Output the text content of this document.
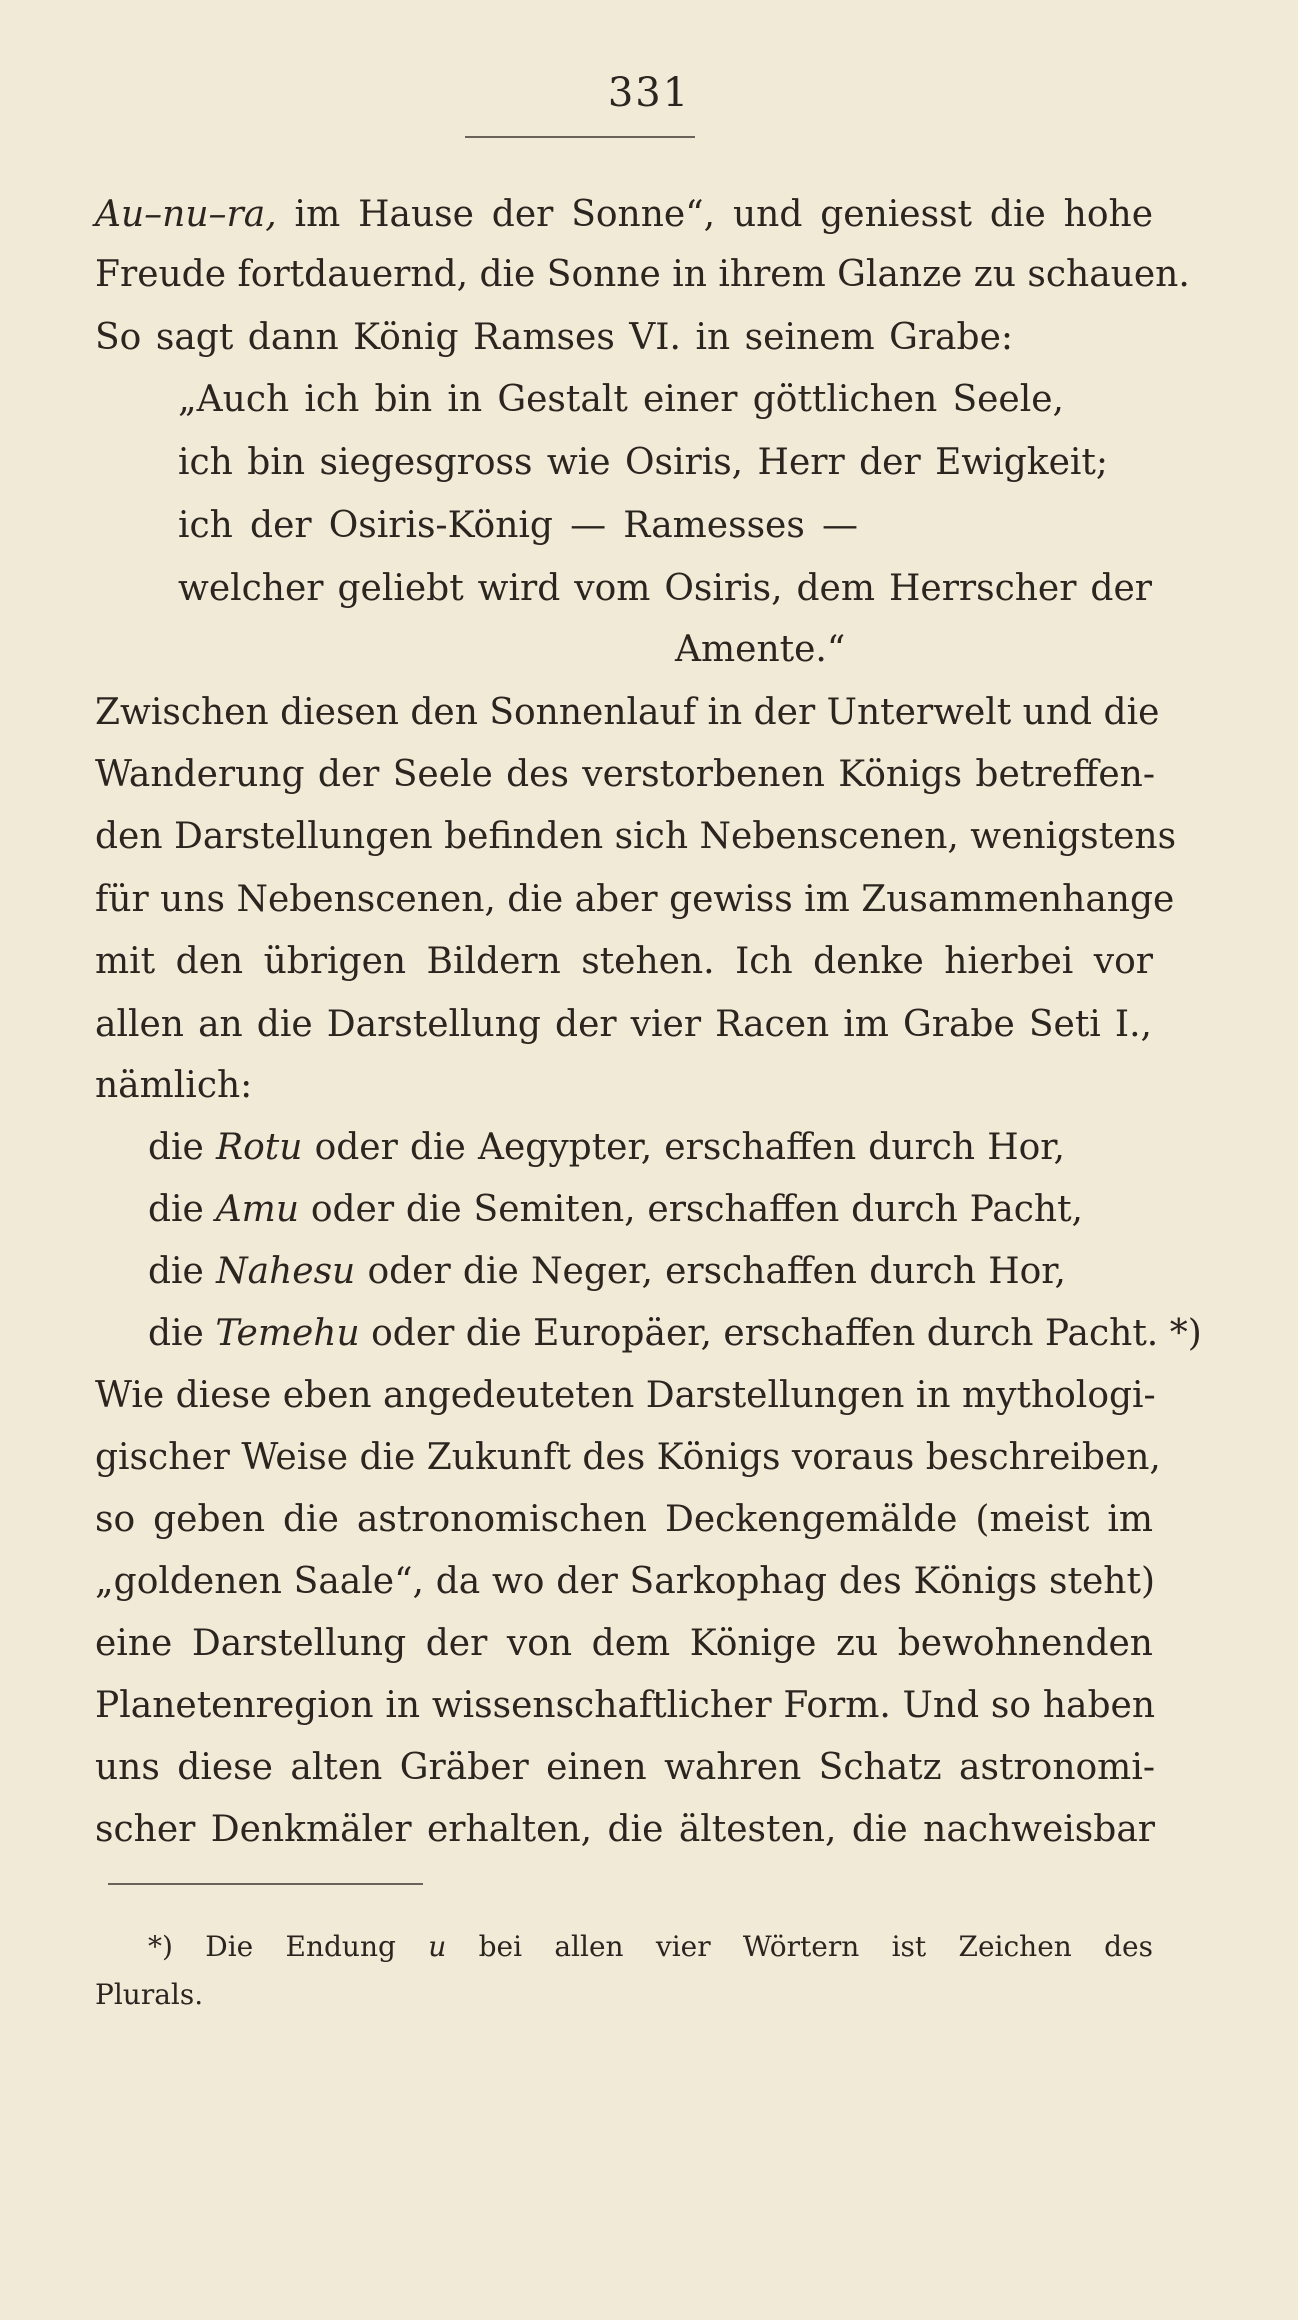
331
Au–nu–ra, im Hause der Sonne“, und geniesst die hohe
Freude fortdauernd, die Sonne in ihrem Glanze zu schauen.
So sagt dann König Ramses VI. in seinem Grabe:
„Auch ich bin in Gestalt einer göttlichen Seele,
ich bin siegesgross wie Osiris, Herr der Ewigkeit;
ich der Osiris-König — Ramesses —
welcher geliebt wird vom Osiris, dem Herrscher der
Amente.“
Zwischen diesen den Sonnenlauf in der Unterwelt und die
Wanderung der Seele des verstorbenen Königs betreffen-
den Darstellungen befinden sich Nebenscenen, wenigstens
für uns Nebenscenen, die aber gewiss im Zusammenhange
mit den übrigen Bildern stehen. Ich denke hierbei vor
allen an die Darstellung der vier Racen im Grabe Seti I.,
nämlich:
die Rotu oder die Aegypter, erschaffen durch Hor,
die Amu oder die Semiten, erschaffen durch Pacht,
die Nahesu oder die Neger, erschaffen durch Hor,
die Temehu oder die Europäer, erschaffen durch Pacht. *)
Wie diese eben angedeuteten Darstellungen in mythologi-
gischer Weise die Zukunft des Königs voraus beschreiben,
so geben die astronomischen Deckengemälde (meist im
„goldenen Saale“, da wo der Sarkophag des Königs steht)
eine Darstellung der von dem Könige zu bewohnenden
Planetenregion in wissenschaftlicher Form. Und so haben
uns diese alten Gräber einen wahren Schatz astronomi-
scher Denkmäler erhalten, die ältesten, die nachweisbar
*) Die Endung u bei allen vier Wörtern ist Zeichen des
Plurals.
